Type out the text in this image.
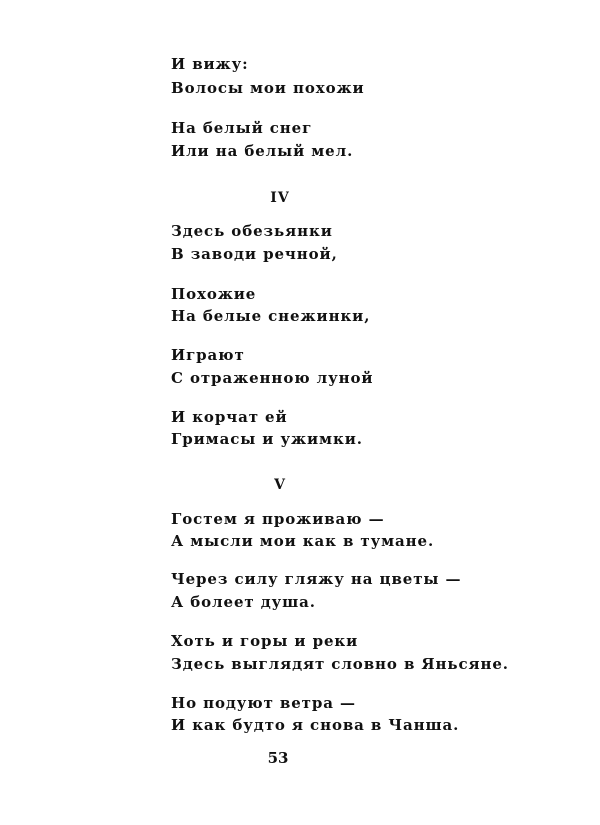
И вижу:
Волосы мои похожи
На белый снег
Или на белый мел.
IV
Здесь обезьянки
В заводи речной,
Похожие
На белые снежинки,
Играют
С отраженною луной
И корчат ей
Гримасы и ужимки.
V
Гостем я проживаю —
А мысли мои как в тумане.
Через силу гляжу на цветы —
А болеет душа.
Хоть и горы и реки
Здесь выглядят словно в Яньсяне.
Но подуют ветра —
И как будто я снова в Чанша.
53
